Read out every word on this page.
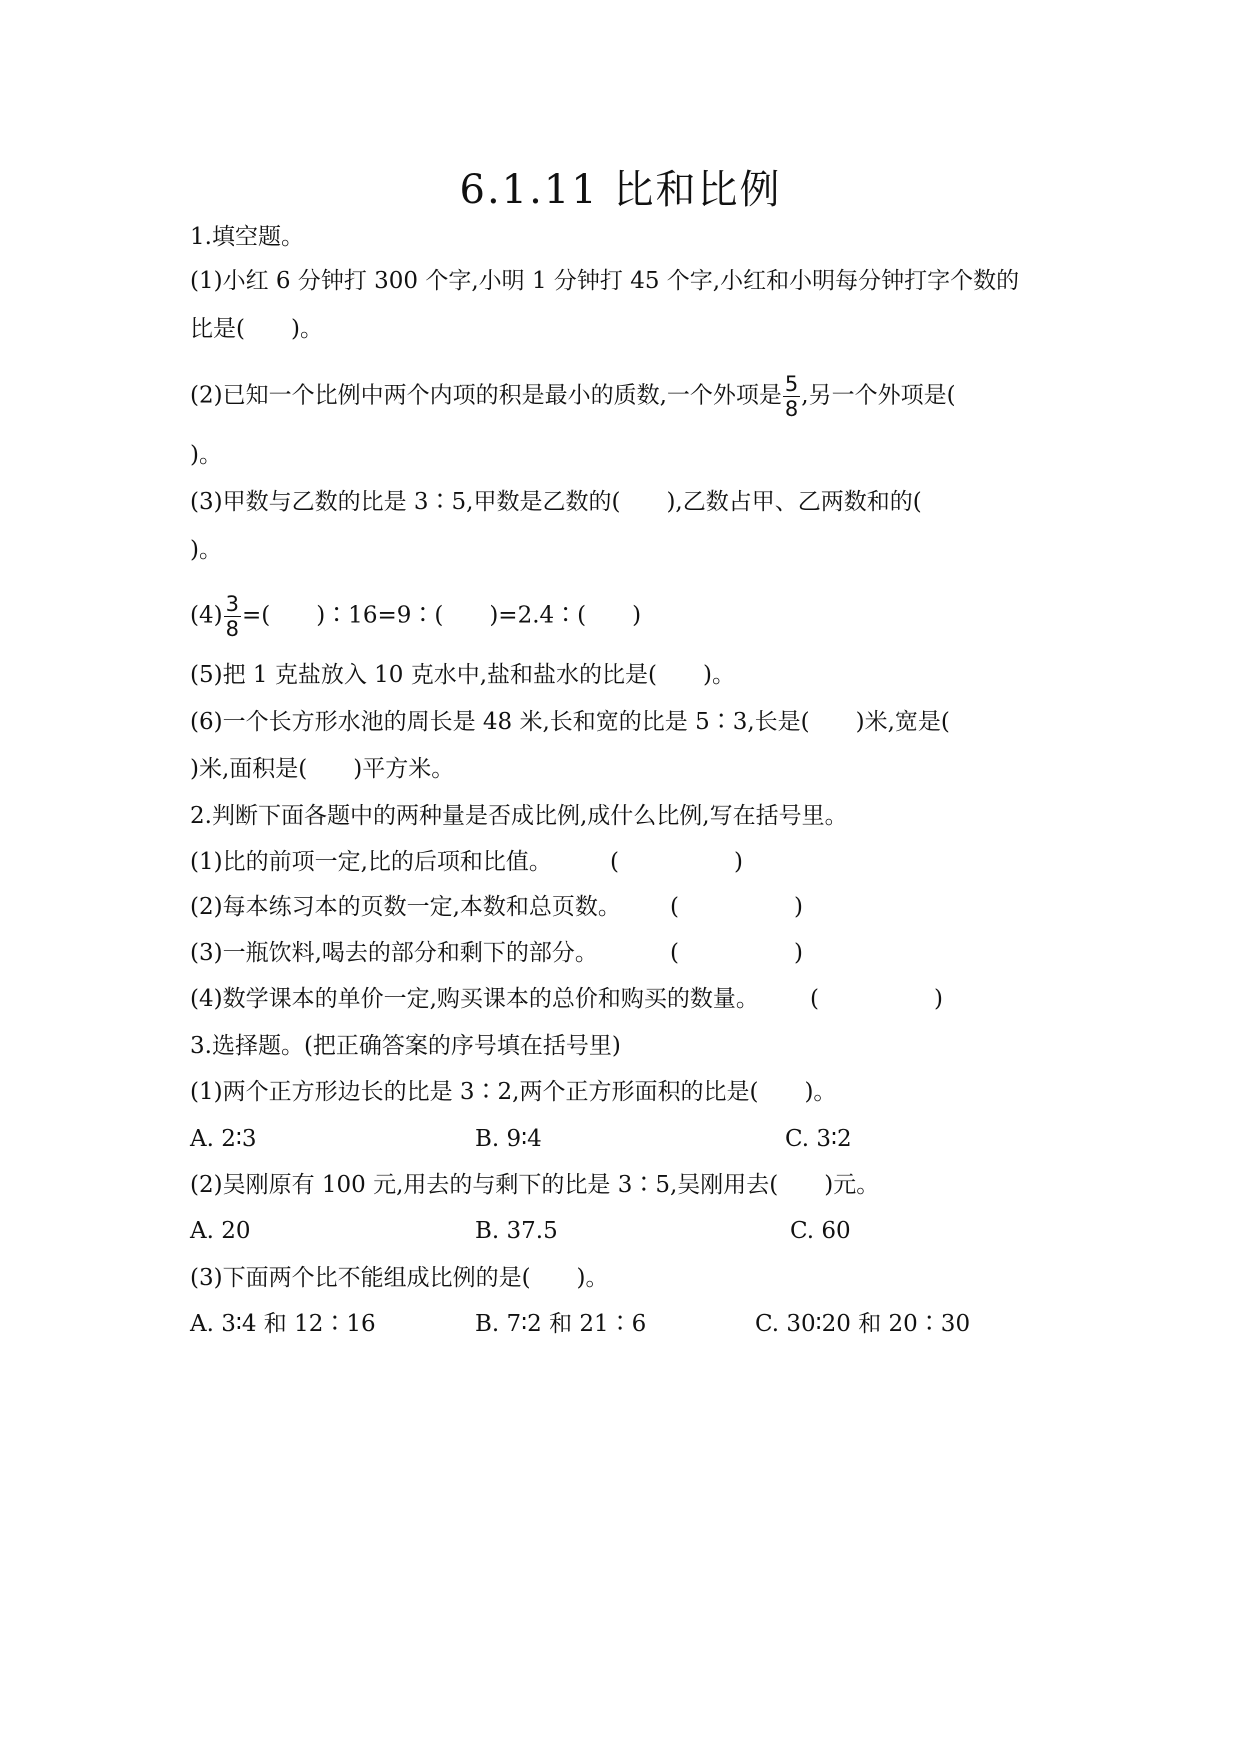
6.1.11 比和比例
1.填空题。
(1)小红 6 分钟打 300 个字,小明 1 分钟打 45 个字,小红和小明每分钟打字个数的
比是(　　)。
(2)已知一个比例中两个内项的积是最小的质数,一个外项是 $\frac{5}{8}$ ,另一个外项是(
)。
(3)甲数与乙数的比是 3∶5,甲数是乙数的(　　),乙数占甲、乙两数和的(
)。
$(4) \frac{3}{8}$ =(　　)∶16=9∶(　　)=2.4∶(　　)
(5)把 1 克盐放入 10 克水中,盐和盐水的比是(　　)。
(6)一个长方形水池的周长是 48 米,长和宽的比是 5∶3,长是(　　)米,宽是(
)米,面积是(　　)平方米。
2.判断下面各题中的两种量是否成比例,成什么比例,写在括号里。
(1)比的前项一定,比的后项和比值。	(　　　　　)
(2)每本练习本的页数一定,本数和总页数。 (　　　　　)
(3)一瓶饮料,喝去的部分和剩下的部分。	(　　　　　)
(4)数学课本的单价一定,购买课本的总价和购买的数量。 (　　　　　)
3.选择题。(把正确答案的序号填在括号里)
(1)两个正方形边长的比是 3∶2,两个正方形面积的比是(　　)。
A. 2∶3	B. 9∶4	C. 3∶2
(2)吴刚原有 100 元,用去的与剩下的比是 3∶5,吴刚用去(　　)元。
A. 20	B. 37.5	C. 60
(3)下面两个比不能组成比例的是(　　)。
A. 3∶4 和 12∶16	B. 7∶2 和 21∶6	C. 30∶20 和 20∶30
